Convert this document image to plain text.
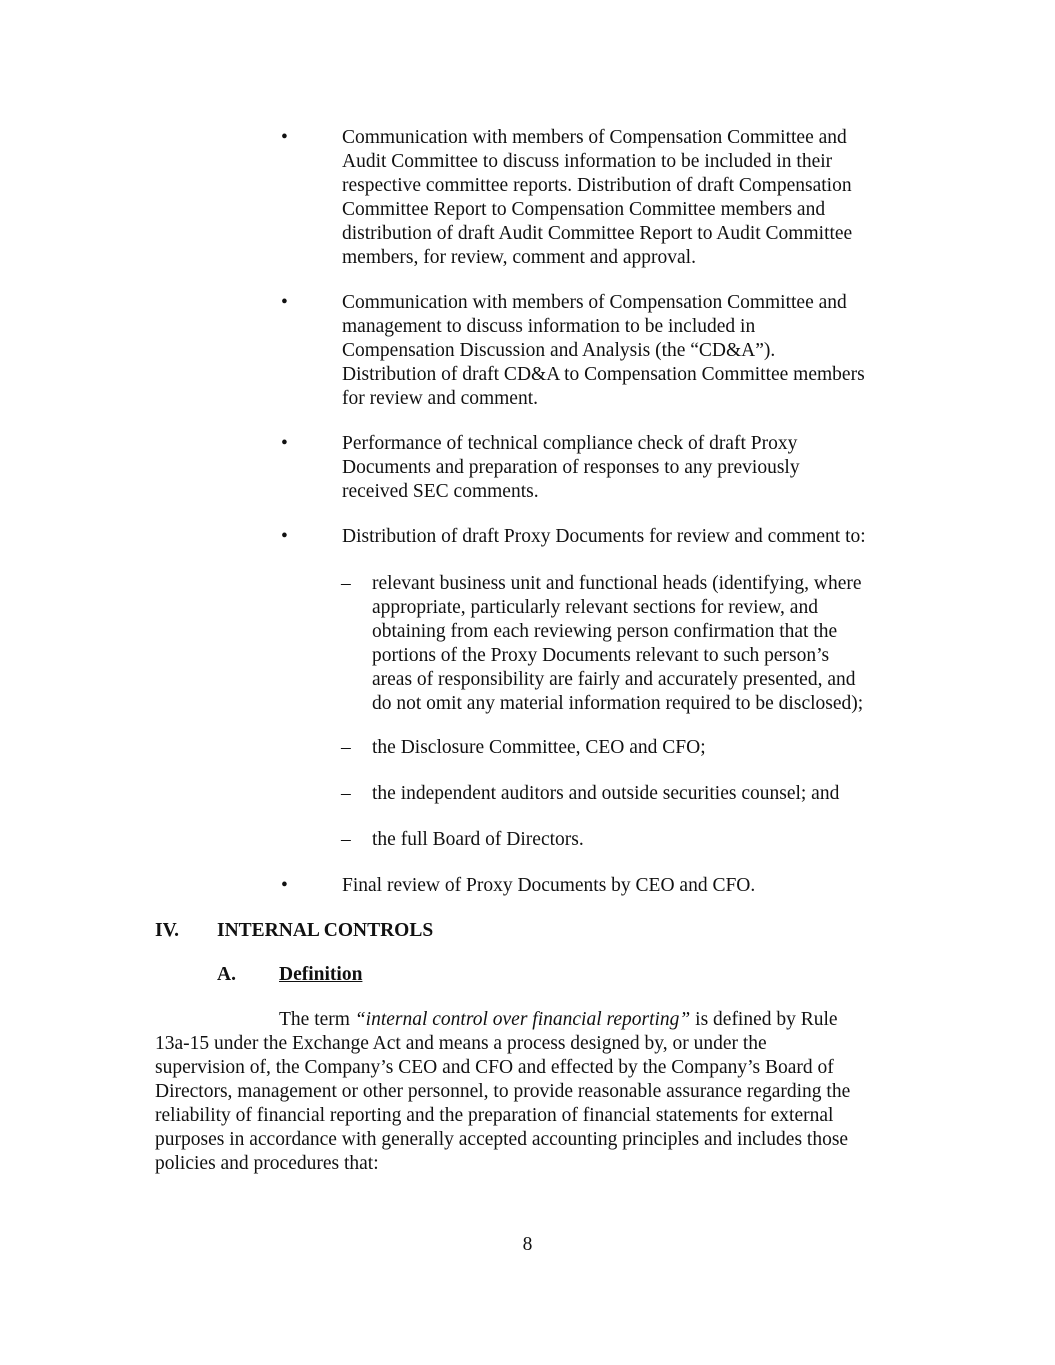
•	Communication with members of Compensation Committee and
Audit Committee to discuss information to be included in their
respective committee reports. Distribution of draft Compensation
Committee Report to Compensation Committee members and
distribution of draft Audit Committee Report to Audit Committee
members, for review, comment and approval.
•	Communication with members of Compensation Committee and
management to discuss information to be included in
Compensation Discussion and Analysis (the “CD&A”).
Distribution of draft CD&A to Compensation Committee members
for review and comment.
•	Performance of technical compliance check of draft Proxy
Documents and preparation of responses to any previously
received SEC comments.
•	Distribution of draft Proxy Documents for review and comment to:
– relevant business unit and functional heads (identifying, where
appropriate, particularly relevant sections for review, and
obtaining from each reviewing person confirmation that the
portions of the Proxy Documents relevant to such person’s
areas of responsibility are fairly and accurately presented, and
do not omit any material information required to be disclosed);
– the Disclosure Committee, CEO and CFO;
– the independent auditors and outside securities counsel; and
– the full Board of Directors.
•	Final review of Proxy Documents by CEO and CFO.
IV. INTERNAL CONTROLS
A. Definition
The term “internal control over financial reporting” is defined by Rule
13a-15 under the Exchange Act and means a process designed by, or under the
supervision of, the Company’s CEO and CFO and effected by the Company’s Board of
Directors, management or other personnel, to provide reasonable assurance regarding the
reliability of financial reporting and the preparation of financial statements for external
purposes in accordance with generally accepted accounting principles and includes those
policies and procedures that:
8
